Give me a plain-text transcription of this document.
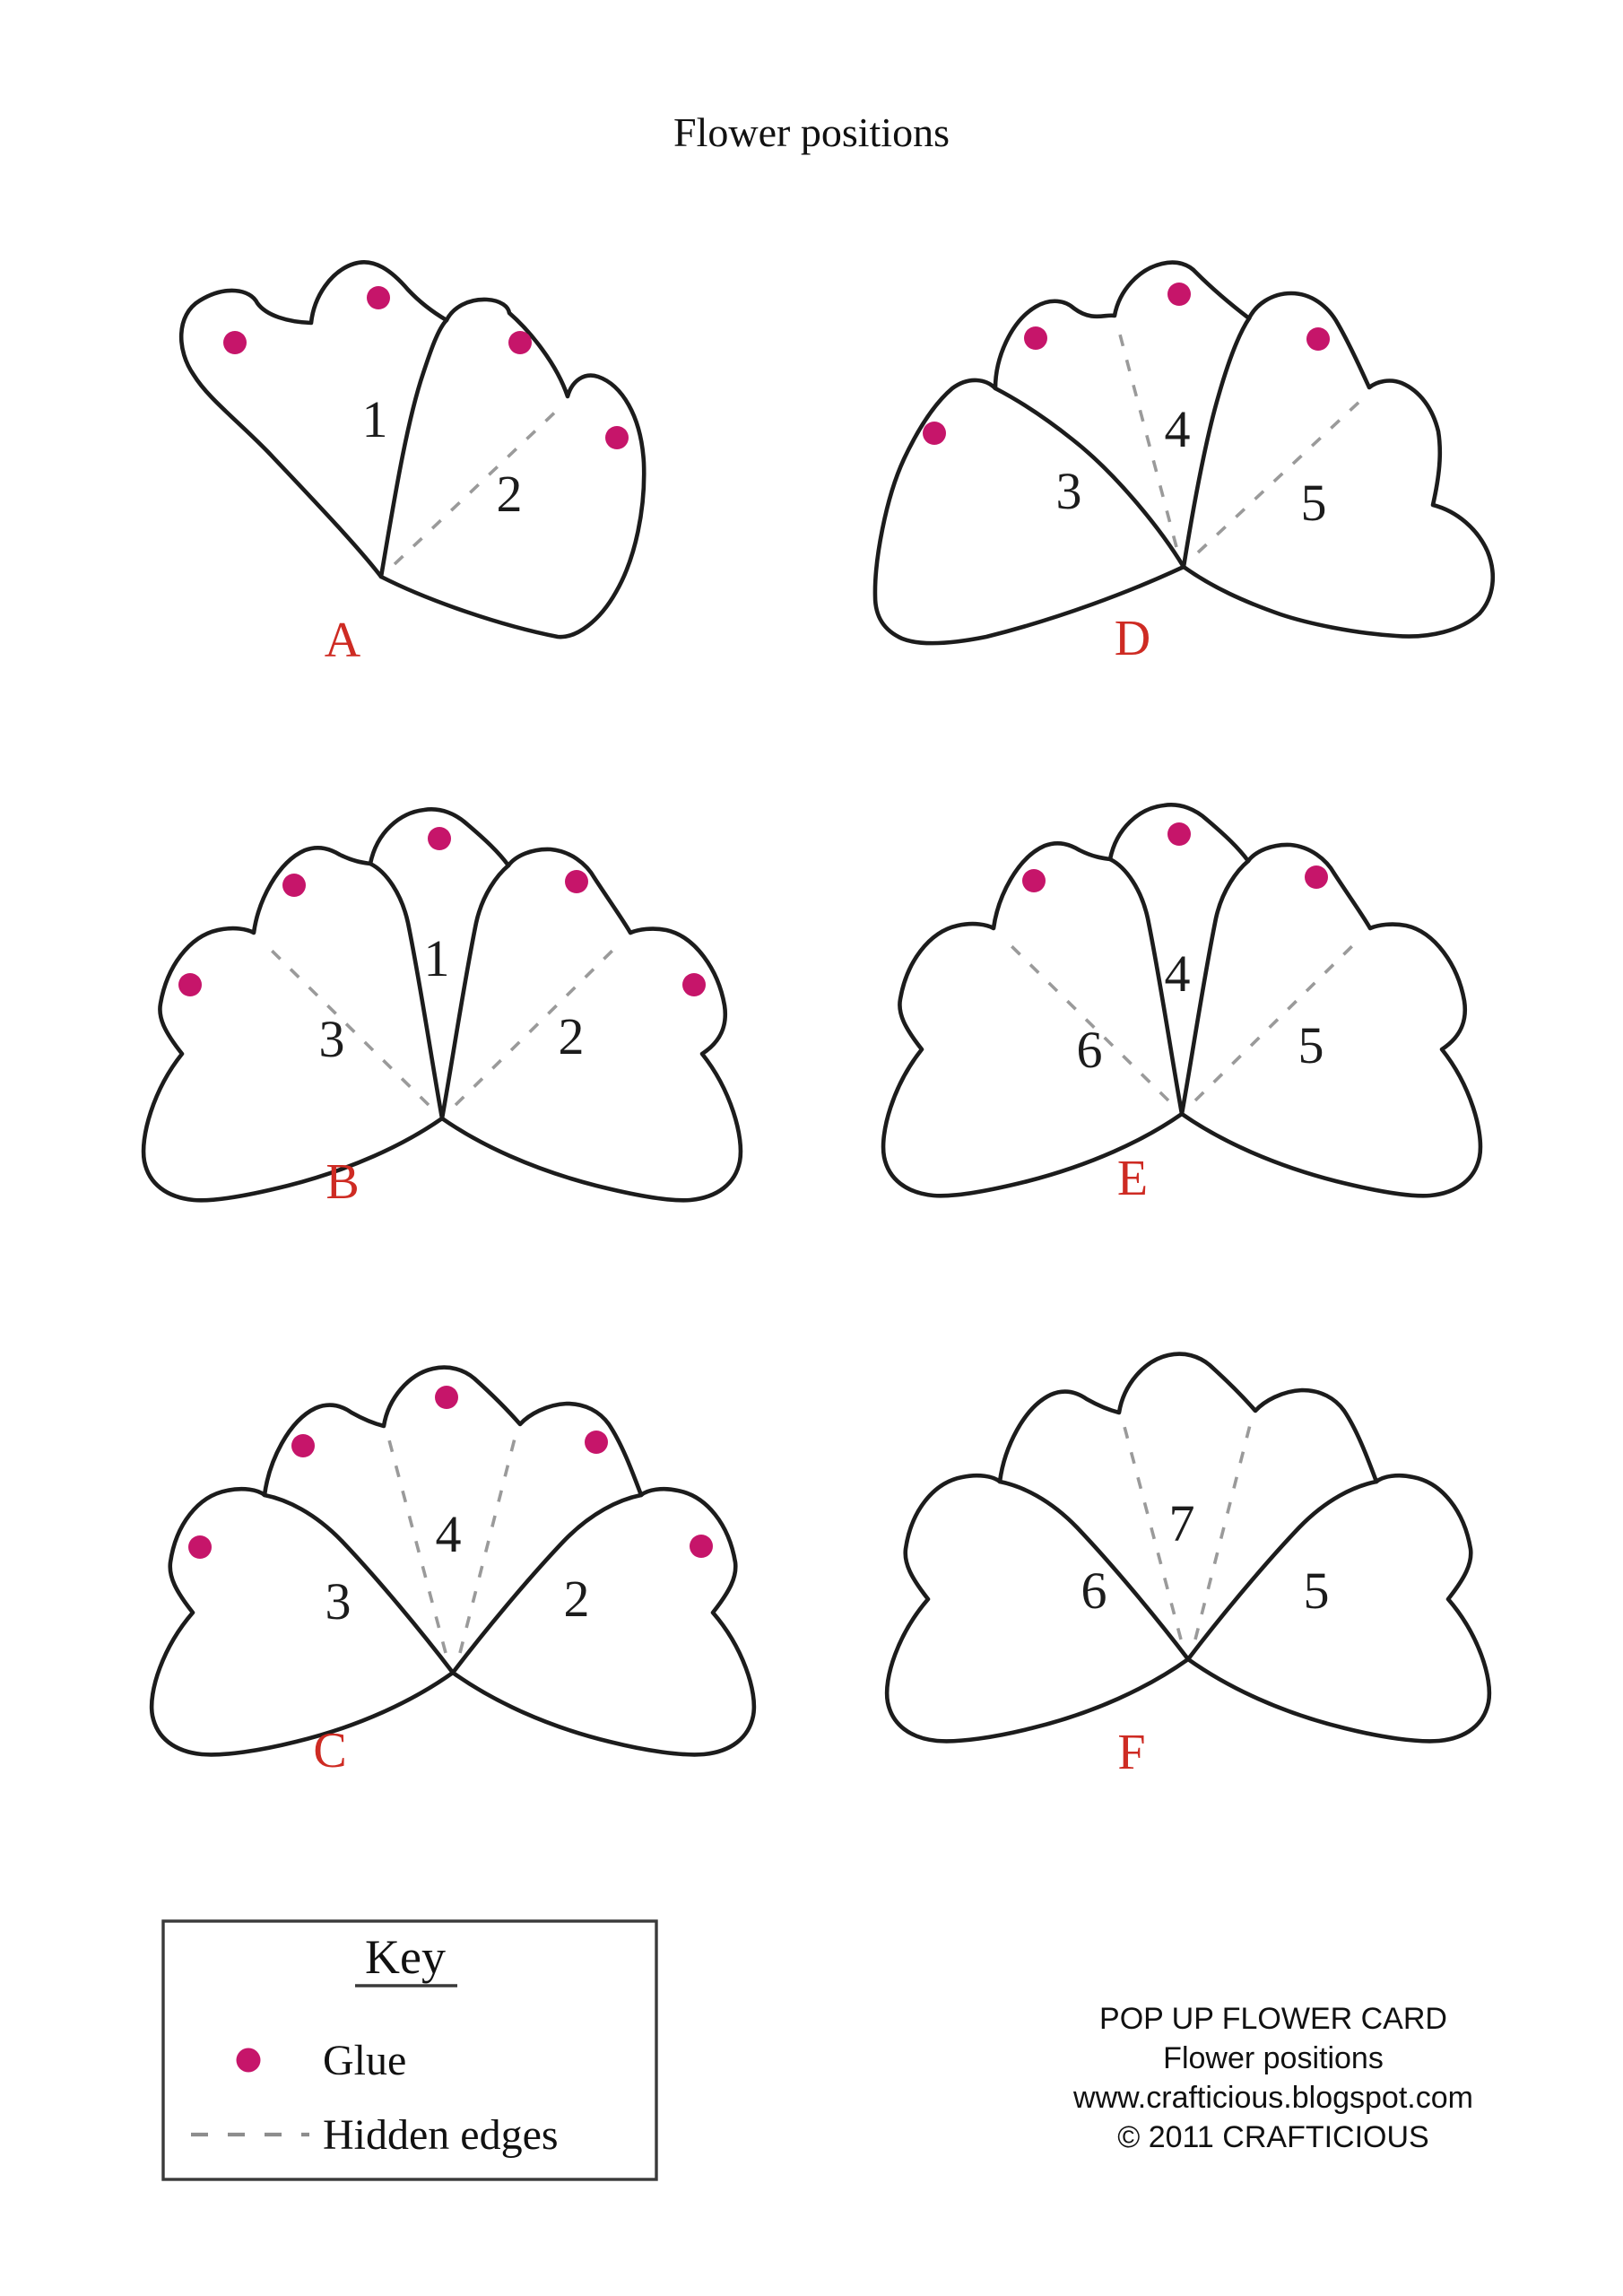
Flower positions
1
2
A
3
4
5
D
3
1
2
B
6
4
5
E
3
4
2
C
6
7
5
F
Key
Glue
Hidden edges
POP UP FLOWER CARD
Flower positions
www.crafticious.blogspot.com
© 2011 CRAFTICIOUS
